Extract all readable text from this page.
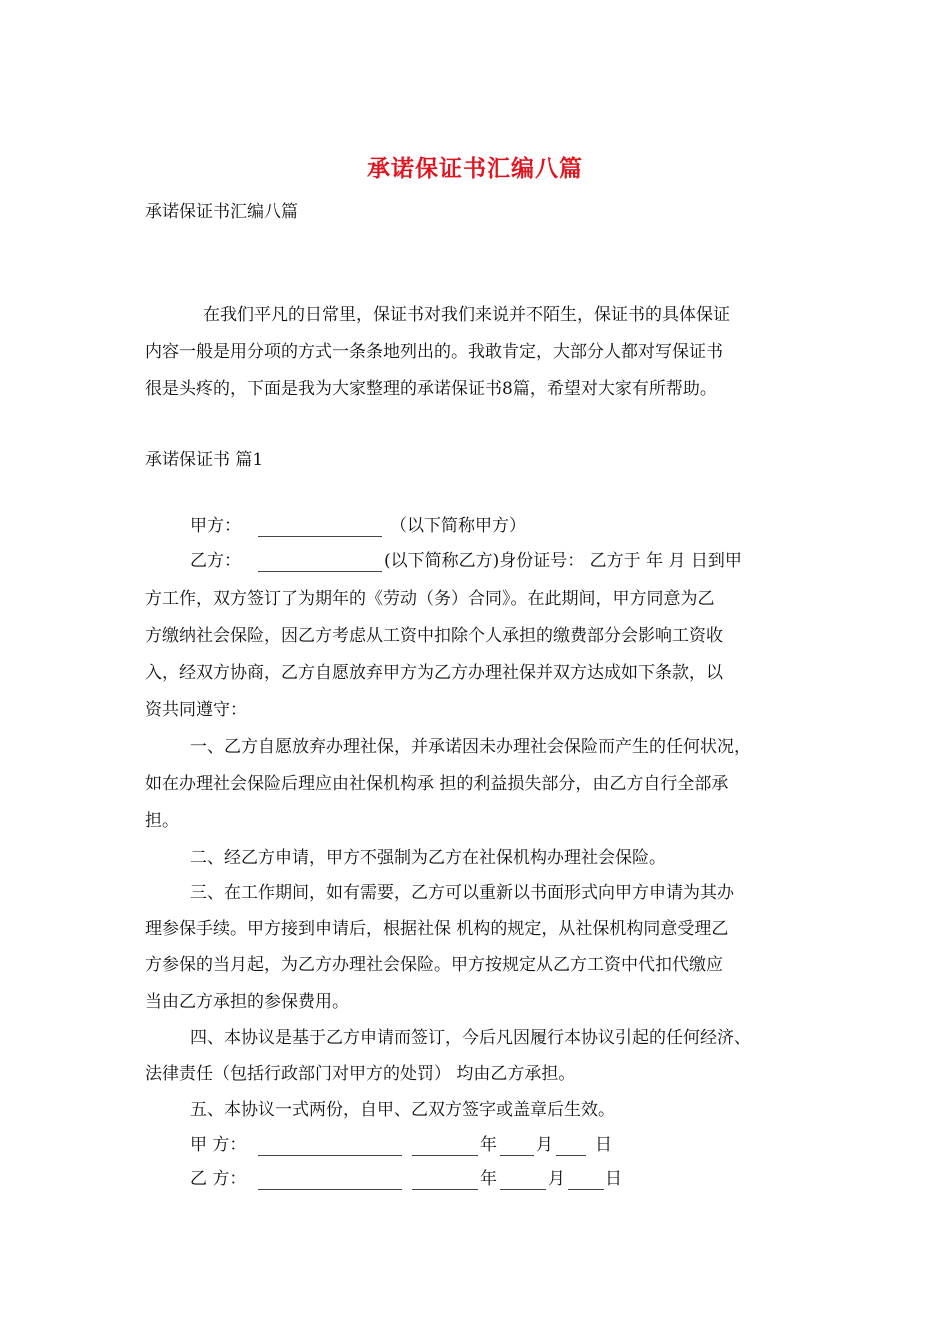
承诺保证书汇编八篇
承诺保证书汇编八篇
在我们平凡的日常里，保证书对我们来说并不陌生，保证书的具体保证
内容一般是用分项的方式一条条地列出的。我敢肯定，大部分人都对写保证书
很是头疼的，下面是我为大家整理的承诺保证书8篇，希望对大家有所帮助。
承诺保证书 篇1
甲方：	（以下简称甲方）
乙方：	(以下简称乙方)身份证号： 乙方于 年 月 日到甲
方工作，双方签订了为期年的《劳动（务）合同》。在此期间，甲方同意为乙
方缴纳社会保险，因乙方考虑从工资中扣除个人承担的缴费部分会影响工资收
入，经双方协商，乙方自愿放弃甲方为乙方办理社保并双方达成如下条款，以
资共同遵守：
一、乙方自愿放弃办理社保，并承诺因未办理社会保险而产生的任何状况，
如在办理社会保险后理应由社保机构承 担的利益损失部分，由乙方自行全部承
担。
二、经乙方申请，甲方不强制为乙方在社保机构办理社会保险。
三、在工作期间，如有需要，乙方可以重新以书面形式向甲方申请为其办
理参保手续。甲方接到申请后，根据社保 机构的规定，从社保机构同意受理乙
方参保的当月起，为乙方办理社会保险。甲方按规定从乙方工资中代扣代缴应
当由乙方承担的参保费用。
四、本协议是基于乙方申请而签订，今后凡因履行本协议引起的任何经济、
法律责任（包括行政部门对甲方的处罚） 均由乙方承担。
五、本协议一式两份，自甲、乙双方签字或盖章后生效。
甲 方：	年 月 日
乙 方：	年	月 日
